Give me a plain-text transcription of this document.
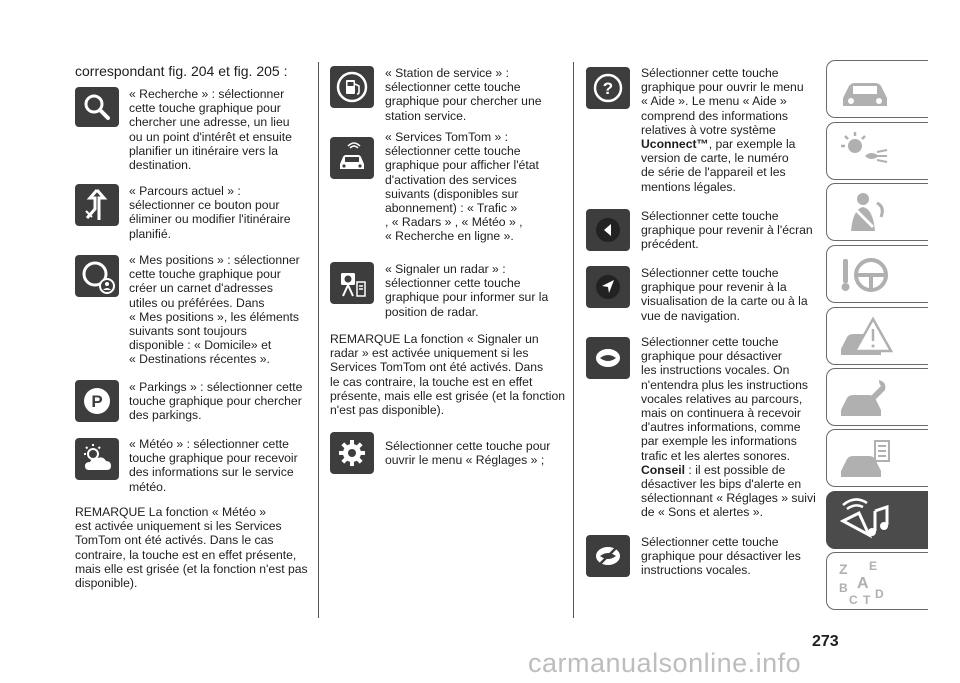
correspondant fig. 204 et fig. 205 :
« Recherche » : sélectionner
cette touche graphique pour
chercher une adresse, un lieu
ou un point d'intérêt et ensuite
planifier un itinéraire vers la
destination.
« Parcours actuel » :
sélectionner ce bouton pour
éliminer ou modifier l'itinéraire
planifié.
« Mes positions » : sélectionner
cette touche graphique pour
créer un carnet d'adresses
utiles ou préférées. Dans
« Mes positions », les éléments
suivants sont toujours
disponible : « Domicile» et
« Destinations récentes ».
P
« Parkings » : sélectionner cette
touche graphique pour chercher
des parkings.
« Météo » : sélectionner cette
touche graphique pour recevoir
des informations sur le service
météo.
REMARQUE La fonction « Météo »
est activée uniquement si les Services
TomTom ont été activés. Dans le cas
contraire, la touche est en effet présente,
mais elle est grisée (et la fonction n'est pas
disponible).
« Station de service » :
sélectionner cette touche
graphique pour chercher une
station service.
« Services TomTom » :
sélectionner cette touche
graphique pour afficher l'état
d'activation des services
suivants (disponibles sur
abonnement) : « Trafic »
, « Radars » , « Météo » ,
« Recherche en ligne ».
« Signaler un radar » :
sélectionner cette touche
graphique pour informer sur la
position de radar.
REMARQUE La fonction « Signaler un
radar » est activée uniquement si les
Services TomTom ont été activés. Dans
le cas contraire, la touche est en effet
présente, mais elle est grisée (et la fonction
n'est pas disponible).
Sélectionner cette touche pour
ouvrir le menu « Réglages » ;
?
Sélectionner cette touche
graphique pour ouvrir le menu
« Aide ». Le menu « Aide »
comprend des informations
relatives à votre système
Uconnect™, par exemple la
version de carte, le numéro
de série de l'appareil et les
mentions légales.
Sélectionner cette touche
graphique pour revenir à l'écran
précédent.
Sélectionner cette touche
graphique pour revenir à la
visualisation de la carte ou à la
vue de navigation.
Sélectionner cette touche
graphique pour désactiver
les instructions vocales. On
n'entendra plus les instructions
vocales relatives au parcours,
mais on continuera à recevoir
d'autres informations, comme
par exemple les informations
trafic et les alertes sonores.
Conseil : il est possible de
désactiver les bips d'alerte en
sélectionnant « Réglages » suivi
de « Sons et alertes ».
Sélectionner cette touche
graphique pour désactiver les
instructions vocales.	Z E
A
B D
C T
273
carmanualsonline.info
